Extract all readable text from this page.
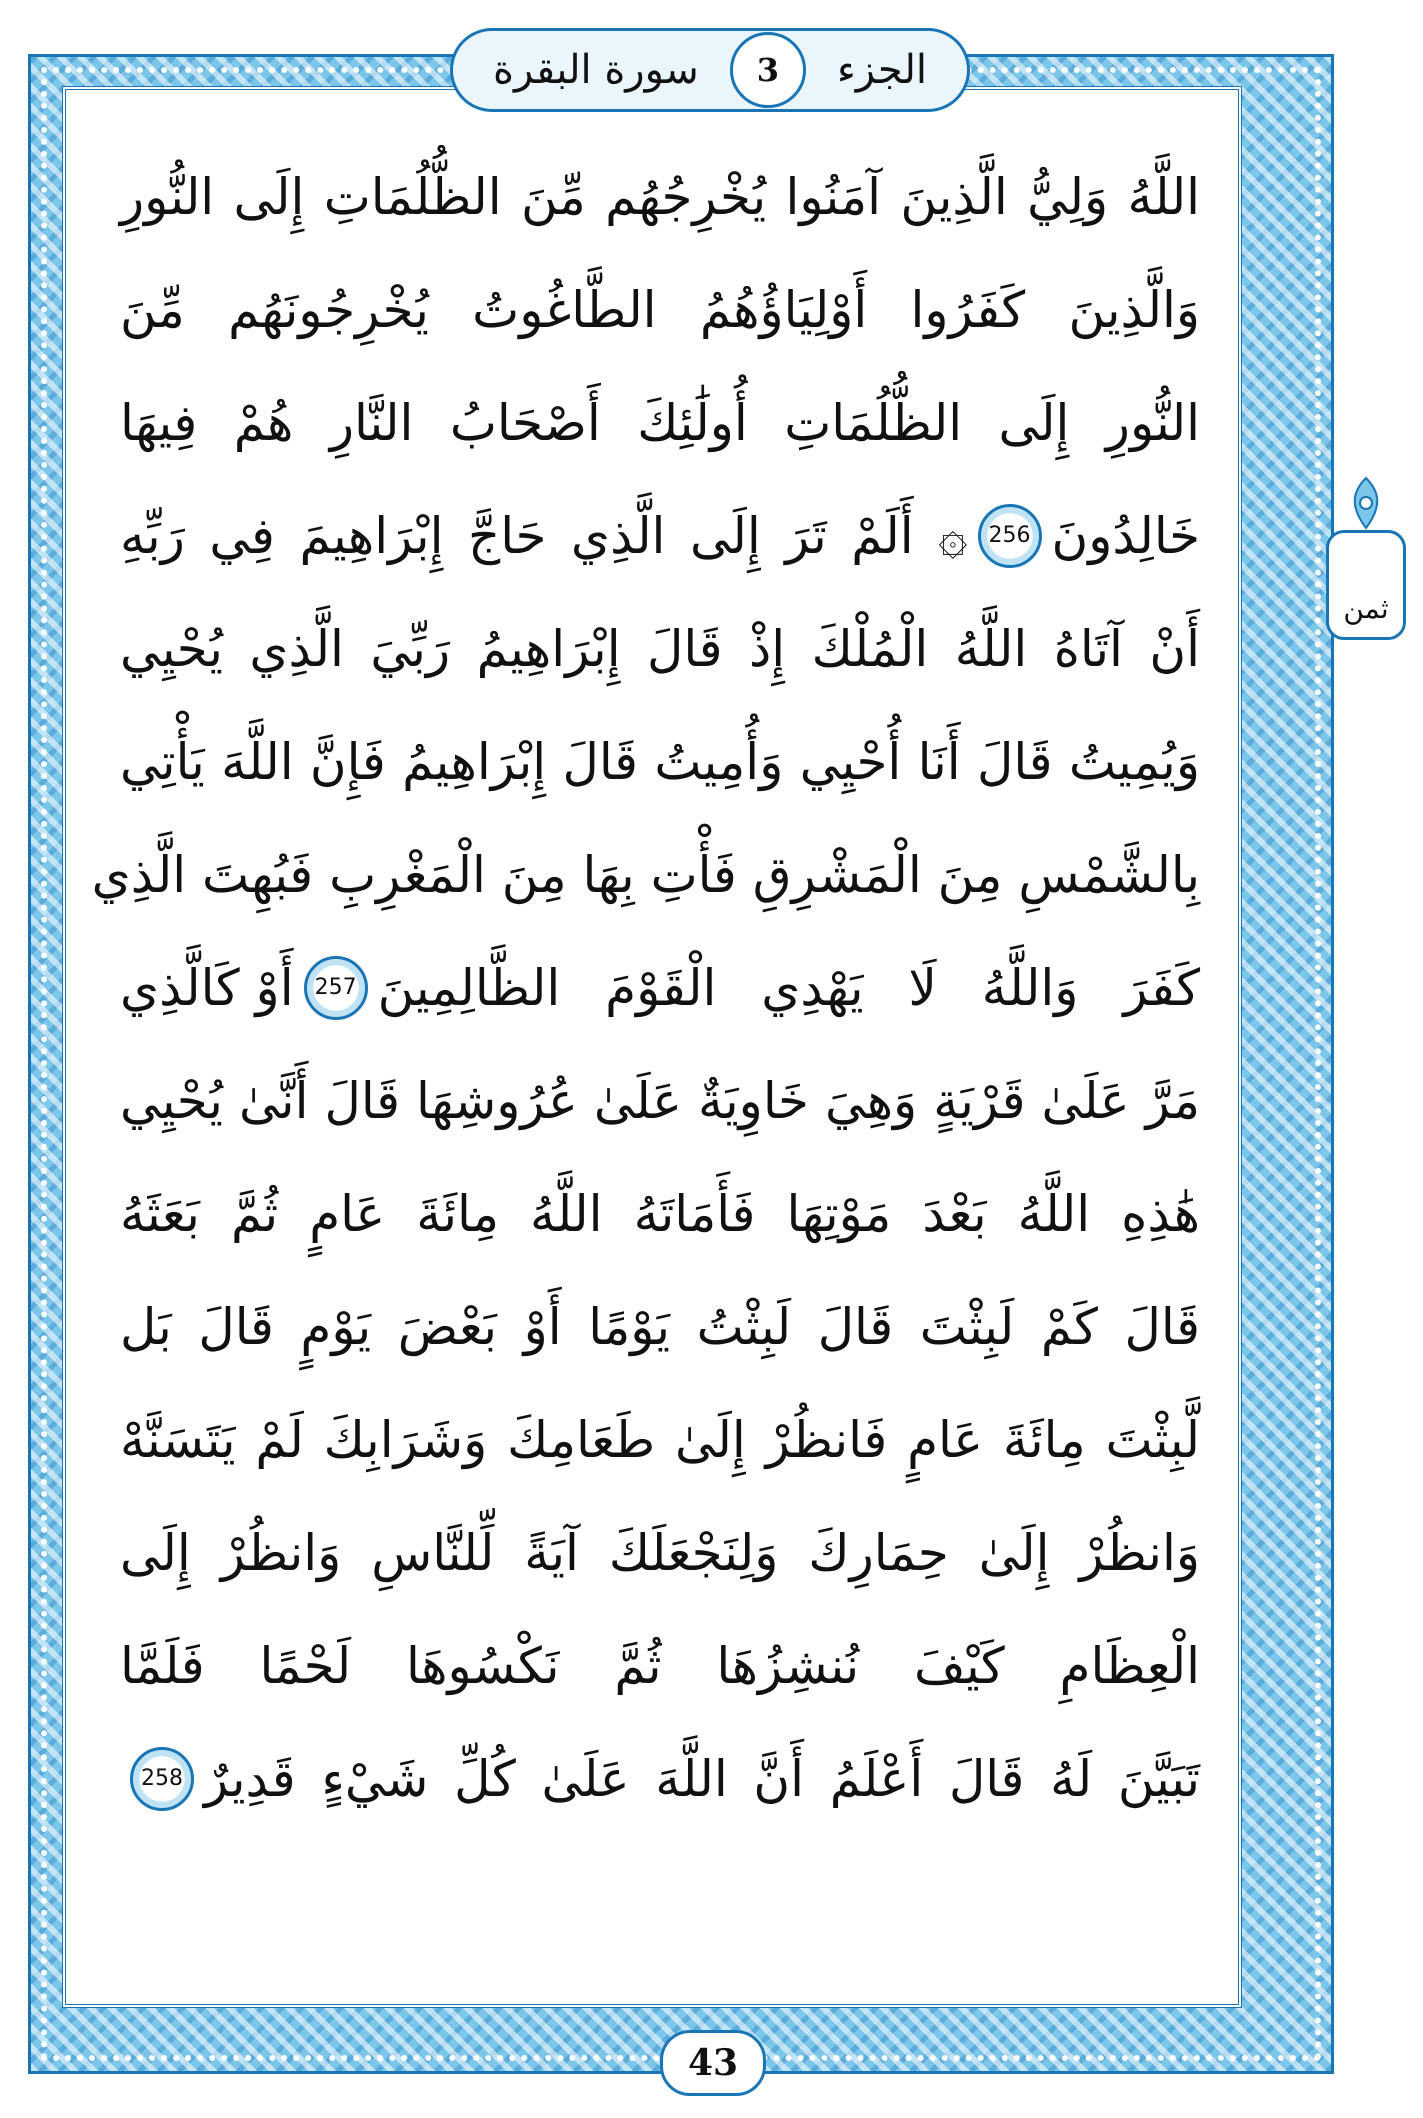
سورة البقرة	3	الجزء
ثمن
اللَّهُ وَلِيُّ الَّذِينَ آمَنُوا يُخْرِجُهُم مِّنَ الظُّلُمَاتِ إِلَى النُّورِ
وَالَّذِينَ كَفَرُوا أَوْلِيَاؤُهُمُ الطَّاغُوتُ يُخْرِجُونَهُم مِّنَ
النُّورِ إِلَى الظُّلُمَاتِ أُولَٰئِكَ أَصْحَابُ النَّارِ هُمْ فِيهَا
خَالِدُونَ
256
۞ أَلَمْ تَرَ إِلَى الَّذِي حَاجَّ إِبْرَاهِيمَ فِي رَبِّهِ
أَنْ آتَاهُ اللَّهُ الْمُلْكَ إِذْ قَالَ إِبْرَاهِيمُ رَبِّيَ الَّذِي يُحْيِي
وَيُمِيتُ قَالَ أَنَا أُحْيِي وَأُمِيتُ قَالَ إِبْرَاهِيمُ فَإِنَّ اللَّهَ يَأْتِي
بِالشَّمْسِ مِنَ الْمَشْرِقِ فَأْتِ بِهَا مِنَ الْمَغْرِبِ فَبُهِتَ الَّذِي
كَفَرَ وَاللَّهُ لَا يَهْدِي الْقَوْمَ الظَّالِمِينَ
257
أَوْ كَالَّذِي
مَرَّ عَلَىٰ قَرْيَةٍ وَهِيَ خَاوِيَةٌ عَلَىٰ عُرُوشِهَا قَالَ أَنَّىٰ يُحْيِي
هَٰذِهِ اللَّهُ بَعْدَ مَوْتِهَا فَأَمَاتَهُ اللَّهُ مِائَةَ عَامٍ ثُمَّ بَعَثَهُ
قَالَ كَمْ لَبِثْتَ قَالَ لَبِثْتُ يَوْمًا أَوْ بَعْضَ يَوْمٍ قَالَ بَل
لَّبِثْتَ مِائَةَ عَامٍ فَانظُرْ إِلَىٰ طَعَامِكَ وَشَرَابِكَ لَمْ يَتَسَنَّهْ
وَانظُرْ إِلَىٰ حِمَارِكَ وَلِنَجْعَلَكَ آيَةً لِّلنَّاسِ وَانظُرْ إِلَى
الْعِظَامِ كَيْفَ نُنشِزُهَا ثُمَّ نَكْسُوهَا لَحْمًا فَلَمَّا
تَبَيَّنَ لَهُ قَالَ أَعْلَمُ أَنَّ اللَّهَ عَلَىٰ كُلِّ شَيْءٍ قَدِيرٌ
258
43
